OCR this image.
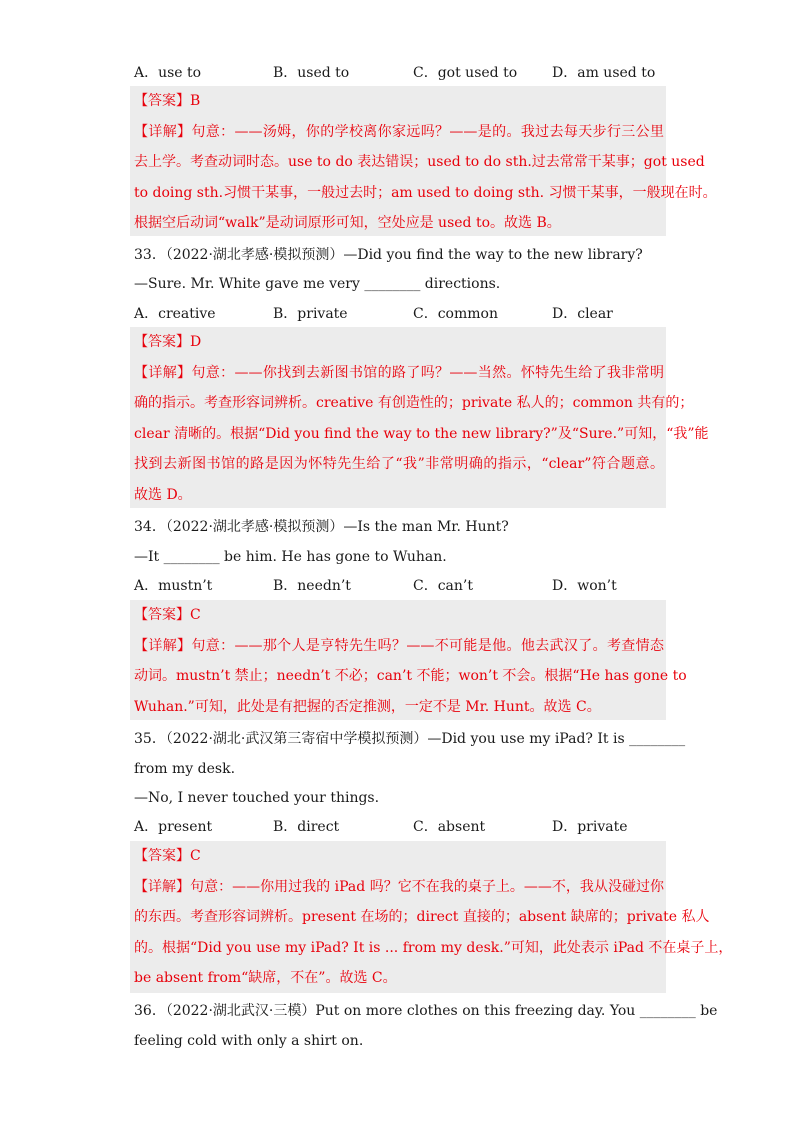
A．use to	B．used to	C．got used to D．am used to

【答案】B

【详解】句意：——汤姆，你的学校离你家远吗？——是的。我过去每天步行三公里

去上学。考查动词时态。use to do 表达错误；used to do sth.过去常常干某事；got used

to doing sth.习惯干某事，一般过去时；am used to doing sth. 习惯干某事，一般现在时。

根据空后动词“walk”是动词原形可知，空处应是 used to。故选 B。

33．（2022·湖北孝感·模拟预测）—Did you find the way to the new library?
—Sure. Mr. White gave me very ________ directions.
A．creative	B．private	C．common	D．clear

【答案】D

【详解】句意：——你找到去新图书馆的路了吗？——当然。怀特先生给了我非常明

确的指示。考查形容词辨析。creative 有创造性的；private 私人的；common 共有的；

clear 清晰的。根据“Did you find the way to the new library?”及“Sure.”可知，“我”能

找到去新图书馆的路是因为怀特先生给了“我”非常明确的指示，“clear”符合题意。

故选 D。

34．（2022·湖北孝感·模拟预测）—Is the man Mr. Hunt?
—It ________ be him. He has gone to Wuhan.
A．mustn’t	B．needn’t	C．can’t	D．won’t

【答案】C

【详解】句意：——那个人是亨特先生吗？——不可能是他。他去武汉了。考查情态

动词。mustn’t 禁止；needn’t 不必；can’t 不能；won’t 不会。根据“He has gone to

Wuhan.”可知，此处是有把握的否定推测，一定不是 Mr. Hunt。故选 C。

35．（2022·湖北·武汉第三寄宿中学模拟预测）—Did you use my iPad? It is ________
from my desk.
—No, I never touched your things.
A．present	B．direct	C．absent	D．private

【答案】C

【详解】句意：——你用过我的 iPad 吗？它不在我的桌子上。——不，我从没碰过你

的东西。考查形容词辨析。present 在场的；direct 直接的；absent 缺席的；private 私人

的。根据“Did you use my iPad? It is ... from my desk.”可知，此处表示 iPad 不在桌子上，

be absent from“缺席，不在”。故选 C。

36．（2022·湖北武汉·三模）Put on more clothes on this freezing day. You ________ be
feeling cold with only a shirt on.
